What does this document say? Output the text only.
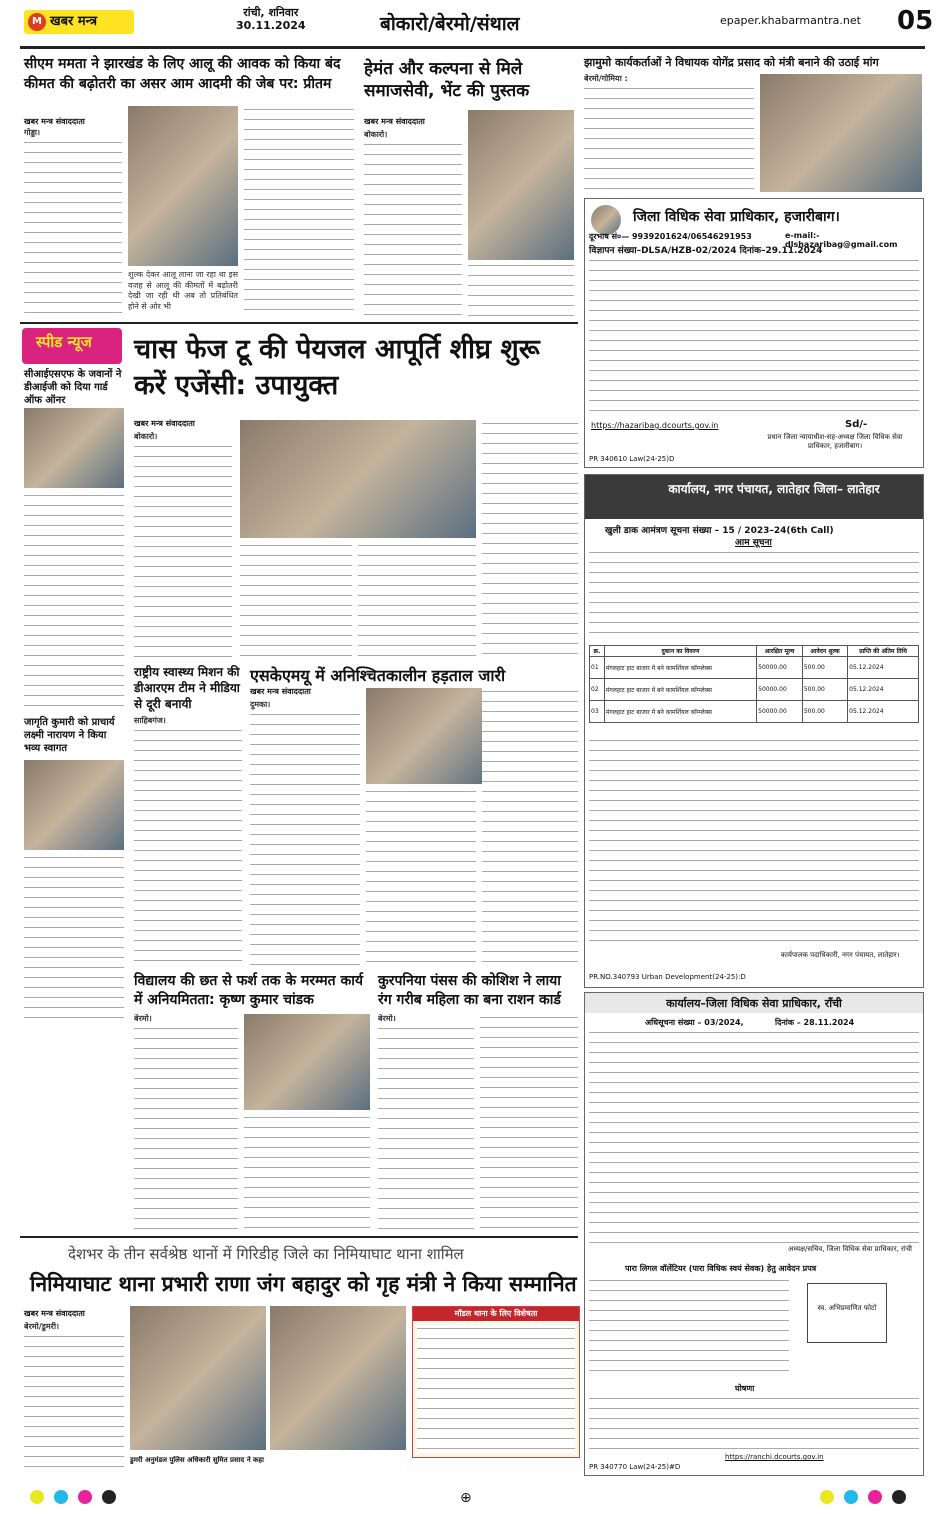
M खबर मन्त्र
रांची, शनिवार
30.11.2024	बोकारो/बेरमो/संथाल	epaper.khabarmantra.net 05
सीएम ममता ने झारखंड के लिए आलू की आवक को किया बंद कीमत की बढ़ोतरी का असर आम आदमी की जेब पर: प्रीतम
खबर मन्त्र संवाददाता
गोड्डा।
शुल्क देकर आलू लाना जा रहा था इस वजह से आलू की कीमतों में बढ़ोतरी देखी जा रही थी अब तो प्रतिबंधित होने से ओर भी
हेमंत और कल्पना से मिले समाजसेवी, भेंट की पुस्तक
खबर मन्त्र संवाददाता
बोकारो।
झामुमो कार्यकर्ताओं ने विधायक योगेंद्र प्रसाद को मंत्री बनाने की उठाई मांग
बेरमो/गोमिया :
जिला विधिक सेवा प्राधिकार, हजारीबाग।
दूरभाष सं०— 9939201624/06546291953	e-mail:- dlshazaribag@gmail.com
विज्ञापन संख्या–DLSA/HZB-02/2024 दिनांक–29.11.2024
https://hazaribag.dcourts.gov.in	Sd/-
प्रधान जिला न्यायाधीश-सह-अध्यक्ष जिला विधिक सेवा प्राधिकार, हजारीबाग।
PR 340610 Law(24-25)D
स्पीड न्यूज
सीआईएसएफ के जवानों ने डीआईजी को दिया गार्ड ऑफ ऑनर
जागृति कुमारी को प्राचार्य लक्ष्मी नारायण ने किया भव्य स्वागत
चास फेज टू की पेयजल आपूर्ति शीघ्र शुरू करें एजेंसी: उपायुक्त
खबर मन्त्र संवाददाता
बोकारो।
राष्ट्रीय स्वास्थ्य मिशन की डीआरएम टीम ने मीडिया से दूरी बनायी
साहिबगंज।
एसकेएमयू में अनिश्चितकालीन हड़ताल जारी
खबर मन्त्र संवाददाता
दुमका।
विद्यालय की छत से फर्श तक के मरम्मत कार्य में अनियमितता: कृष्ण कुमार चांडक
बेरमो।
कुरपनिया पंसस की कोशिश ने लाया रंग गरीब महिला का बना राशन कार्ड
बेरमो।
कार्यालय, नगर पंचायत, लातेहार जिला– लातेहार
खुली डाक आमंत्रण सूचना संख्या – 15 / 2023–24(6th Call)
आम सूचना
क्र.	दुकान का विवरण	आरक्षित मूल्य	आवेदन शुल्क	प्राप्ति की अंतिम तिथि
01	मंगलहाट हाट बाजार में बने कामर्शियल कॉम्प्लेक्स	50000.00	500.00	05.12.2024
02	मंगलहाट हाट बाजार में बने कामर्शियल कॉम्प्लेक्स	50000.00	500.00	05.12.2024
03	मंगलहाट हाट बाजार में बने कामर्शियल कॉम्प्लेक्स	50000.00	500.00	05.12.2024
कार्यपालक पदाधिकारी, नगर पंचायत, लातेहार।
PR.NO.340793 Urban Development(24-25):D
कार्यालय–जिला विधिक सेवा प्राधिकार, राँची
अधिसूचना संख्या – 03/2024,	दिनांक – 28.11.2024
अध्यक्ष/सचिव, जिला विधिक सेवा प्राधिकार, रांची
पारा लिगल वॉलेंटियर (पारा विधिक स्वयं सेवक) हेतु आवेदन प्रपत्र
स्व. अभिप्रमाणित फोटो
घोषणा
https://ranchi.dcourts.gov.in
PR 340770 Law(24-25)#D
देशभर के तीन सर्वश्रेष्ठ थानों में गिरिडीह जिले का निमियाघाट थाना शामिल
निमियाघाट थाना प्रभारी राणा जंग बहादुर को गृह मंत्री ने किया सम्मानित
खबर मन्त्र संवाददाता
बेरमो/डुमरी।
मॉडल थाना के लिए विशेषता
डुमरी अनुमंडल पुलिस अधिकारी सुमित प्रसाद ने कहा
⊕
